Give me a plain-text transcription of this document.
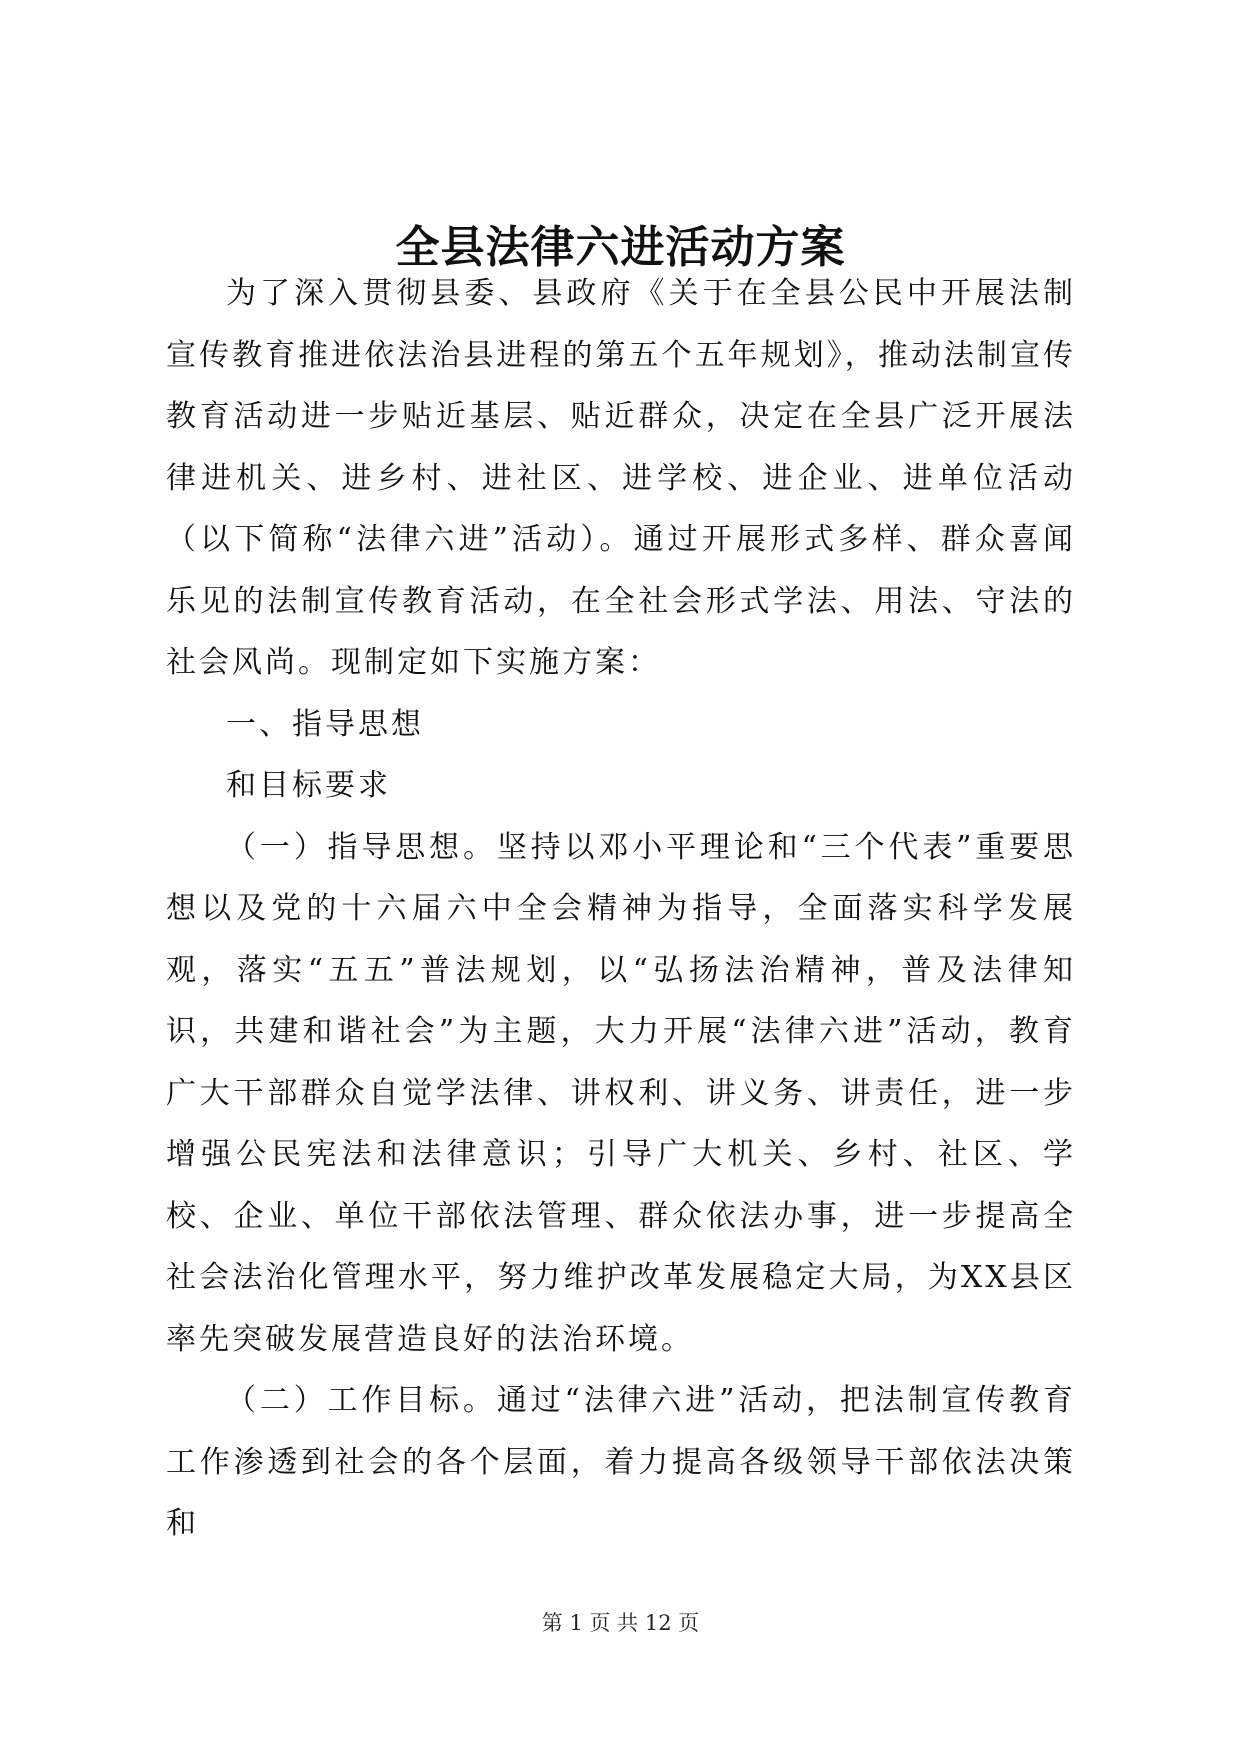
全县法律六进活动方案

为了深入贯彻县委、县政府《关于在全县公民中开展法制宣传教育推进依法治县进程的第五个五年规划》，推动法制宣传教育活动进一步贴近基层、贴近群众，决定在全县广泛开展法律进机关、进乡村、进社区、进学校、进企业、进单位活动（以下简称“法律六进”活动）。通过开展形式多样、群众喜闻乐见的法制宣传教育活动，在全社会形式学法、用法、守法的社会风尚。现制定如下实施方案：

一、指导思想

和目标要求

（一）指导思想。坚持以邓小平理论和“三个代表”重要思想以及党的十六届六中全会精神为指导，全面落实科学发展观，落实“五五”普法规划，以“弘扬法治精神，普及法律知识，共建和谐社会”为主题，大力开展“法律六进”活动，教育广大干部群众自觉学法律、讲权利、讲义务、讲责任，进一步增强公民宪法和法律意识；引导广大机关、乡村、社区、学校、企业、单位干部依法管理、群众依法办事，进一步提高全社会法治化管理水平，努力维护改革发展稳定大局，为XX县区率先突破发展营造良好的法治环境。

（二）工作目标。通过“法律六进”活动，把法制宣传教育工作渗透到社会的各个层面，着力提高各级领导干部依法决策和

第 1 页 共 12 页
